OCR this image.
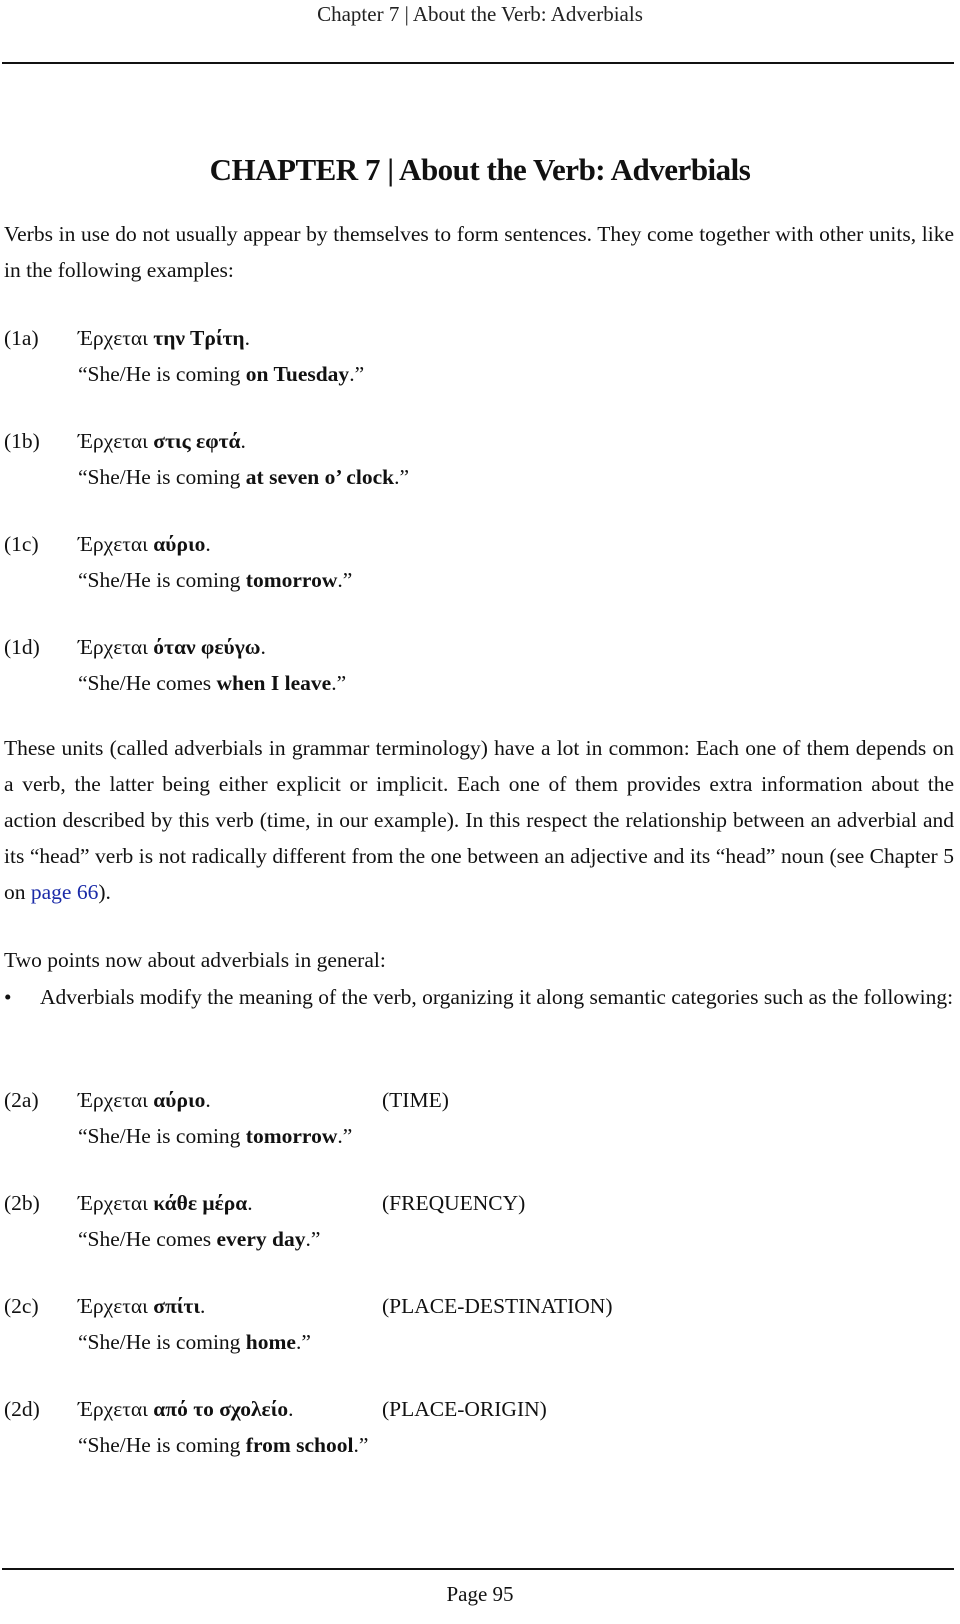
Chapter 7 | About the Verb: Adverbials
CHAPTER 7 | About the Verb: Adverbials
Verbs in use do not usually appear by themselves to form sentences. They come together with other units, like in the following examples:
(1a) Έρχεται την Τρίτη.
“She/He is coming on Tuesday.”
(1b) Έρχεται στις εφτά.
“She/He is coming at seven o’ clock.”
(1c) Έρχεται αύριο.
“She/He is coming tomorrow.”
(1d) Έρχεται όταν φεύγω.
“She/He comes when I leave.”
These units (called adverbials in grammar terminology) have a lot in common: Each one of them depends on a verb, the latter being either explicit or implicit. Each one of them provides extra information about the action described by this verb (time, in our example). In this respect the relationship between an adverbial and its “head” verb is not radically different from the one between an adjective and its “head” noun (see Chapter 5 on page 66).
Two points now about adverbials in general:
• Adverbials modify the meaning of the verb, organizing it along semantic categories such as the following:
(2a) Έρχεται αύριο.	(TIME)
“She/He is coming tomorrow.”
(2b) Έρχεται κάθε μέρα.	(FREQUENCY)
“She/He comes every day.”
(2c) Έρχεται σπίτι.	(PLACE-DESTINATION)
“She/He is coming home.”
(2d) Έρχεται από το σχολείο.	(PLACE-ORIGIN)
“She/He is coming from school.”
Page 95
